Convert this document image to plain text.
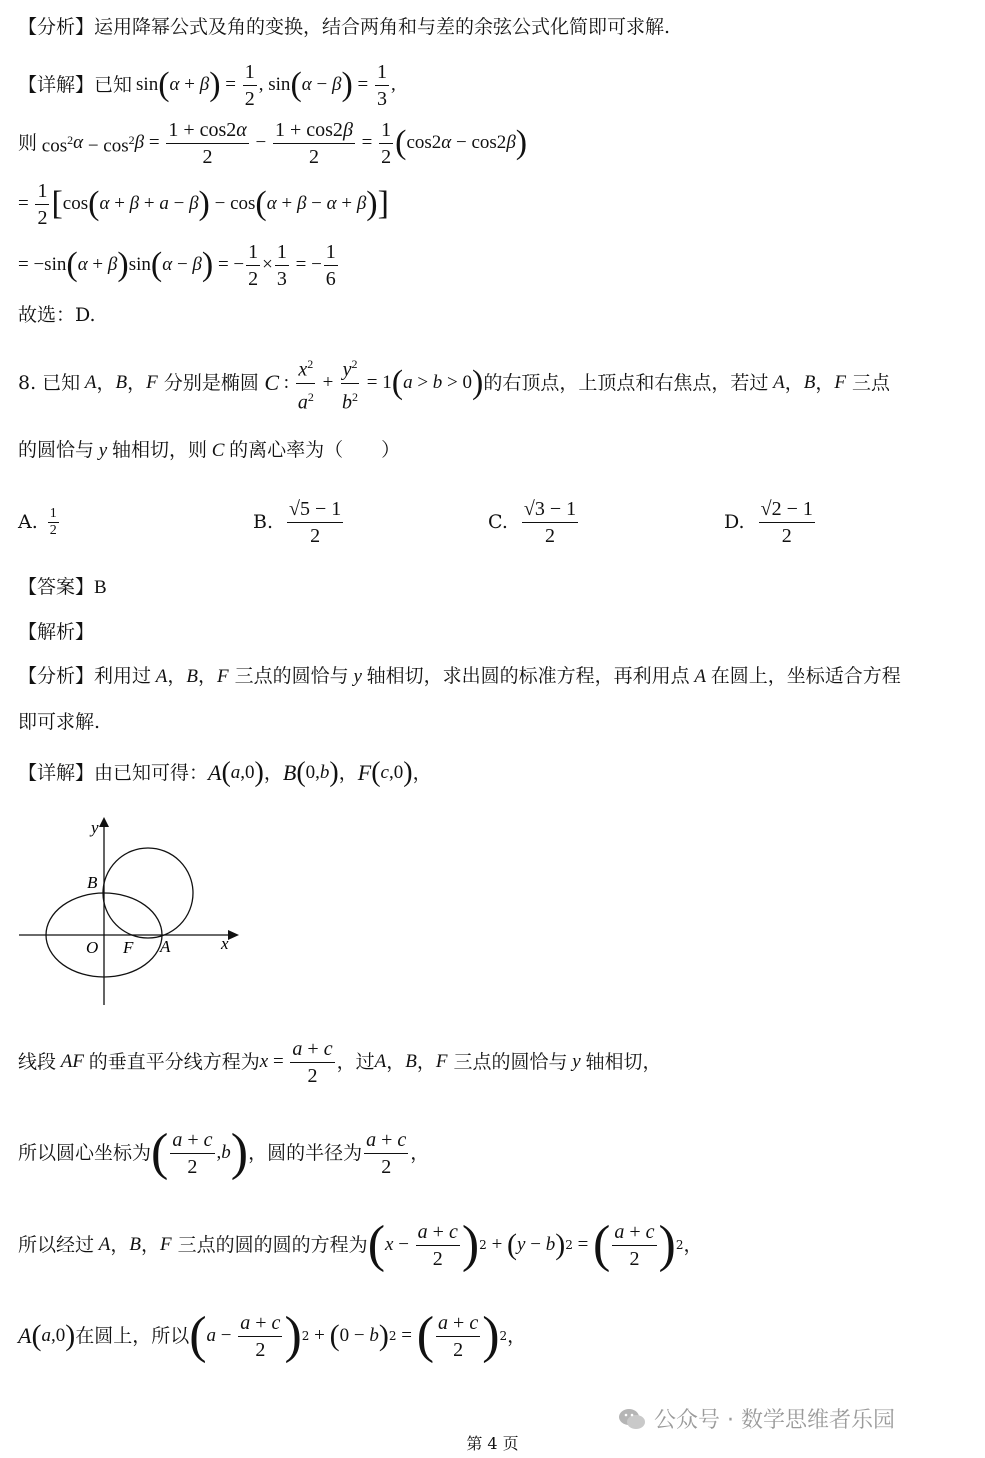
【分析】运用降幂公式及角的变换，结合两角和与差的余弦公式化简即可求解.
【详解】已知 sin ( α + β ) = $\frac{1}{2}$ , sin ( α − β ) = $\frac{1}{3}$ ,
则 $\cos^2 \alpha - \cos^2 \beta = \frac{1 + \cos 2\alpha}{2} - \frac{1 + \cos 2\beta}{2} = \frac{1}{2}$ ( cos2 α − cos2 β )
= $\frac{1}{2}$ [ cos ( α + β + a − β ) − cos ( α + β − α + β ) ]
= −sin ( α + β ) sin ( α − β ) = − $\frac{1}{2} \times \frac{1}{3}$ = − $\frac{1}{6}$
故选：D.
8. 已知 A ， B ， F
分别是椭圆 C : $\frac{x^2}{a^2} + \frac{y^2}{b^2} = 1$ ( a > b > 0 ) 的右顶点，上顶点和右焦点，若过 A ， B ， F
三点
的圆恰与 y 轴相切，则 C 的离心率为（　　）
A. $\frac{1}{2}$	B. $\frac{√5 - 1}{2}$	C. $\frac{√3 - 1}{2}$	D. $\frac{√2 - 1}{2}$
【答案】B
【解析】
【分析】利用过 A，B，F 三点的圆恰与 y 轴相切，求出圆的标准方程，再利用点 A 在圆上，坐标适合方程
即可求解.
【详解】由已知可得： A ( a ,0 ) ， B ( 0, b ) ， F ( c ,0 ) ，
y
x
B
O F A
线段 AF 的垂直平分线方程为 $x = \frac{a + c}{2}$ ，过 A ， B ， F
三点的圆恰与 y 轴相切，
所以圆心坐标为 ( $\frac{a + c}{2}$ , b ) ，圆的半径为 $\frac{a + c}{2}$ ，
所以经过 A ， B ， F
三点的圆的圆的方程为 ( $x - \frac{a + c}{2}$ ) 2 + ( y − b ) 2 = ( $\frac{a + c}{2}$ ) 2 ，
A ( a ,0 ) 在圆上，所以 ( $a - \frac{a + c}{2}$ ) 2 + ( 0 − b ) 2 = ( $\frac{a + c}{2}$ ) 2 ，
公众号 · 数学思维者乐园
第 4 页
